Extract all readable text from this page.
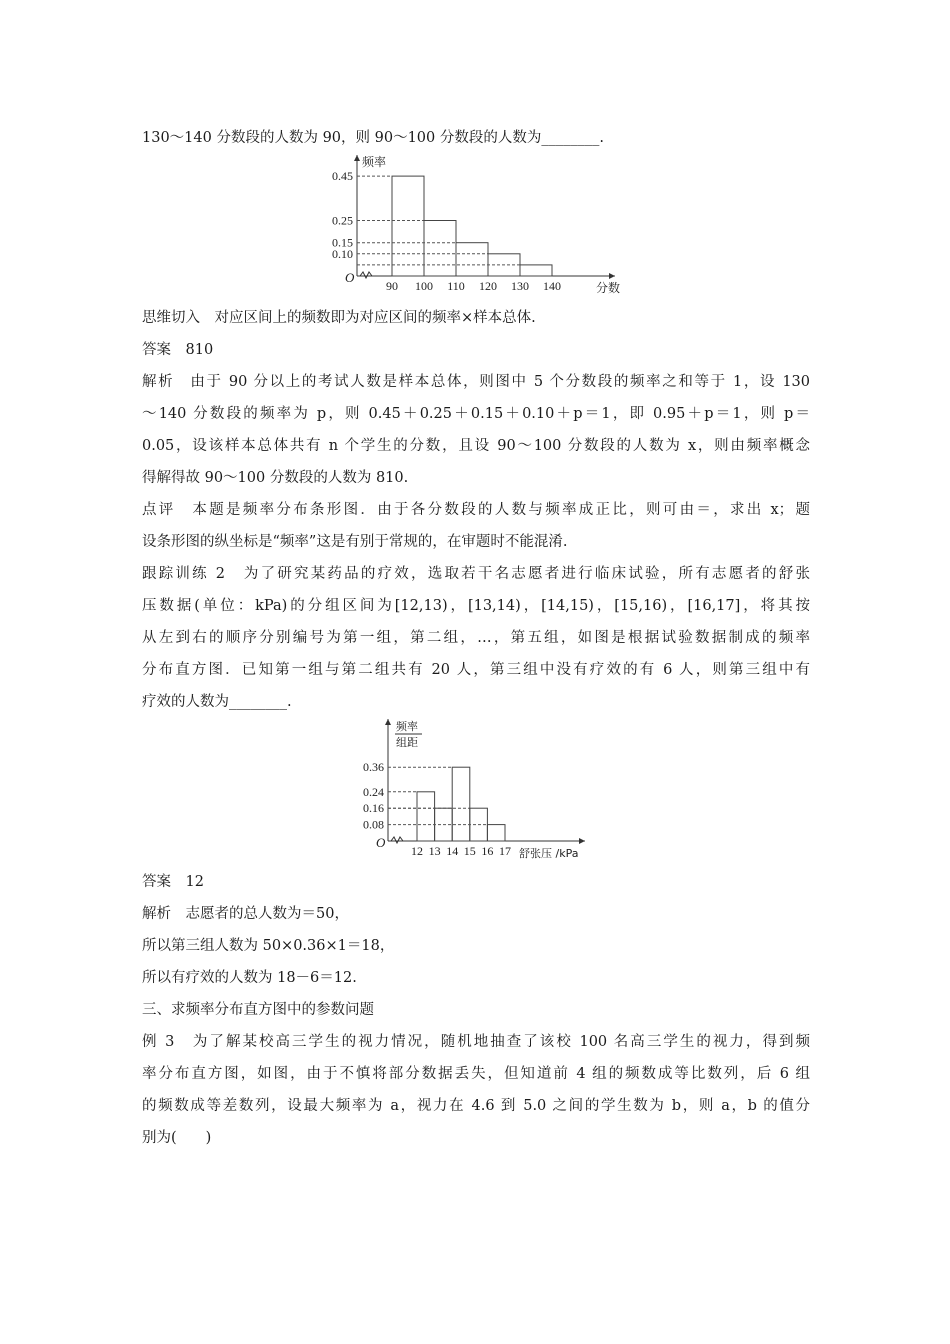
130～140 分数段的人数为 90，则 90～100 分数段的人数为________.
O
0.45
0.25
0.15
0.10
90 100 110 120 130 140
频率
分数
思维切入　对应区间上的频数即为对应区间的频率×样本总体.
答案　810
解析　由于 90 分以上的考试人数是样本总体，则图中 5 个分数段的频率之和等于 1，设 130
～140 分数段的频率为 p，则 0.45＋0.25＋0.15＋0.10＋p＝1，即 0.95＋p＝1，则 p＝
0.05，设该样本总体共有 n 个学生的分数，且设 90～100 分数段的人数为 x，则由频率概念
得解得故 90～100 分数段的人数为 810.
点评　本题是频率分布条形图．由于各分数段的人数与频率成正比，则可由＝，求出 x；题
设条形图的纵坐标是“频率”这是有别于常规的，在审题时不能混淆.
跟踪训练 2　为了研究某药品的疗效，选取若干名志愿者进行临床试验，所有志愿者的舒张
压数据(单位：kPa)的分组区间为[12,13)，[13,14)，[14,15)，[15,16)，[16,17]，将其按
从左到右的顺序分别编号为第一组，第二组，…，第五组，如图是根据试验数据制成的频率
分布直方图．已知第一组与第二组共有 20 人，第三组中没有疗效的有 6 人，则第三组中有
疗效的人数为________.
O
0.36
0.24
0.16
0.08
12 13 14 15 16 17
频率
组距
舒张压 /kPa
答案　12
解析　志愿者的总人数为＝50，
所以第三组人数为 50×0.36×1＝18，
所以有疗效的人数为 18－6＝12.
三、求频率分布直方图中的参数问题
例 3　为了解某校高三学生的视力情况，随机地抽查了该校 100 名高三学生的视力，得到频
率分布直方图，如图，由于不慎将部分数据丢失，但知道前 4 组的频数成等比数列，后 6 组
的频数成等差数列，设最大频率为 a，视力在 4.6 到 5.0 之间的学生数为 b，则 a，b 的值分
别为(　　)
